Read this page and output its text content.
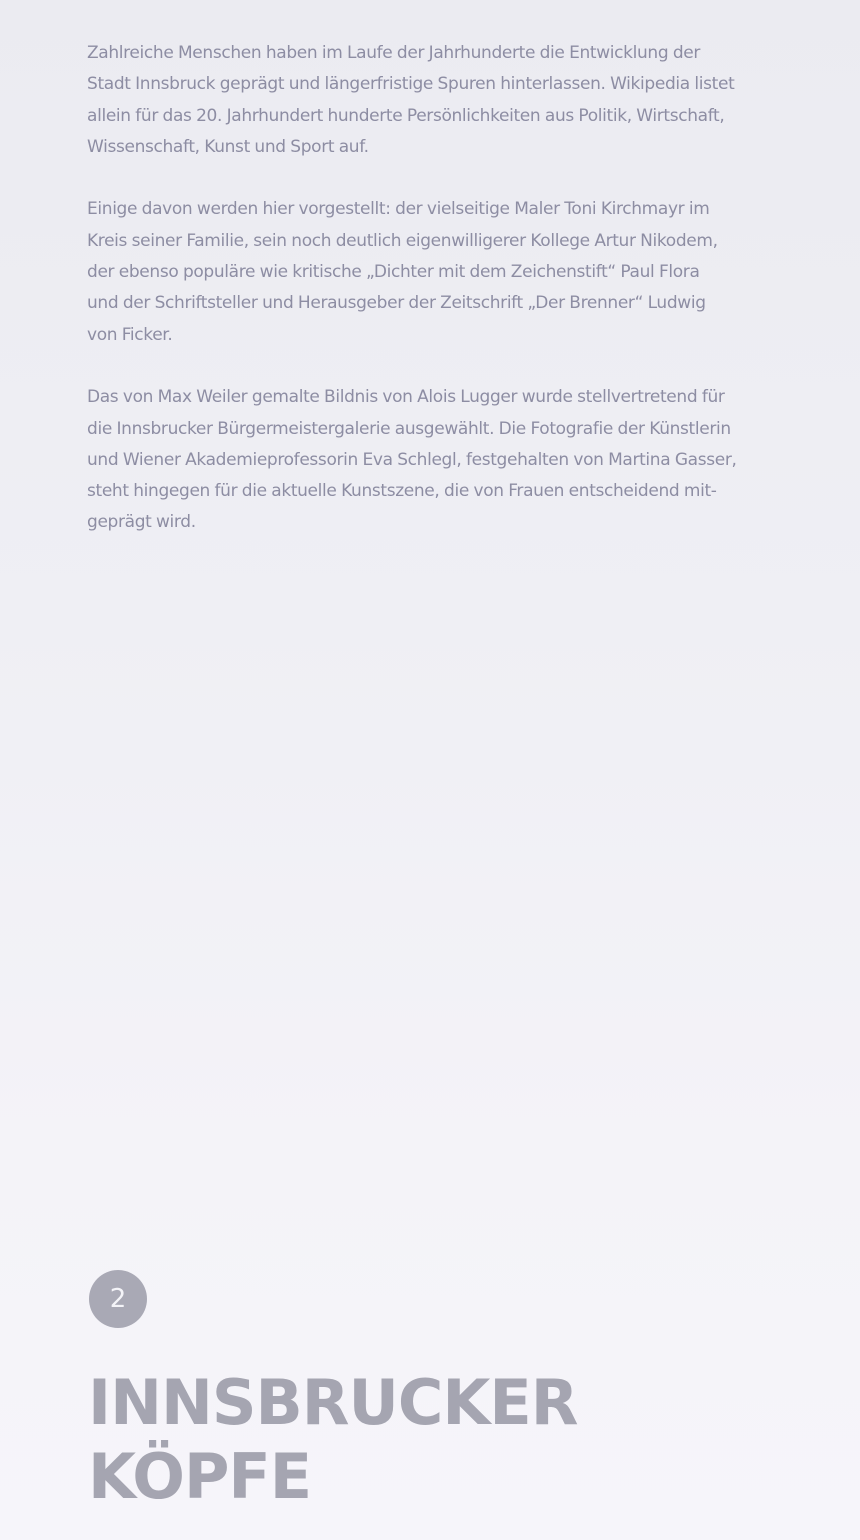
Zahlreiche Menschen haben im Laufe der Jahrhunderte die Entwicklung der
Stadt Innsbruck geprägt und längerfristige Spuren hinterlassen. Wikipedia listet
allein für das 20. Jahrhundert hunderte Persönlichkeiten aus Politik, Wirtschaft,
Wissenschaft, Kunst und Sport auf.

Einige davon werden hier vorgestellt: der vielseitige Maler Toni Kirchmayr im
Kreis seiner Familie, sein noch deutlich eigenwilligerer Kollege Artur Nikodem,
der ebenso populäre wie kritische „Dichter mit dem Zeichenstift“ Paul Flora
und der Schriftsteller und Herausgeber der Zeitschrift „Der Brenner“ Ludwig
von Ficker.

Das von Max Weiler gemalte Bildnis von Alois Lugger wurde stellvertretend für
die Innsbrucker Bürgermeistergalerie ausgewählt. Die Fotografie der Künstlerin
und Wiener Akademieprofessorin Eva Schlegl, festgehalten von Martina Gasser,
steht hingegen für die aktuelle Kunstszene, die von Frauen entscheidend mit-
geprägt wird.

2
INNSBRUCKER
KÖPFE
